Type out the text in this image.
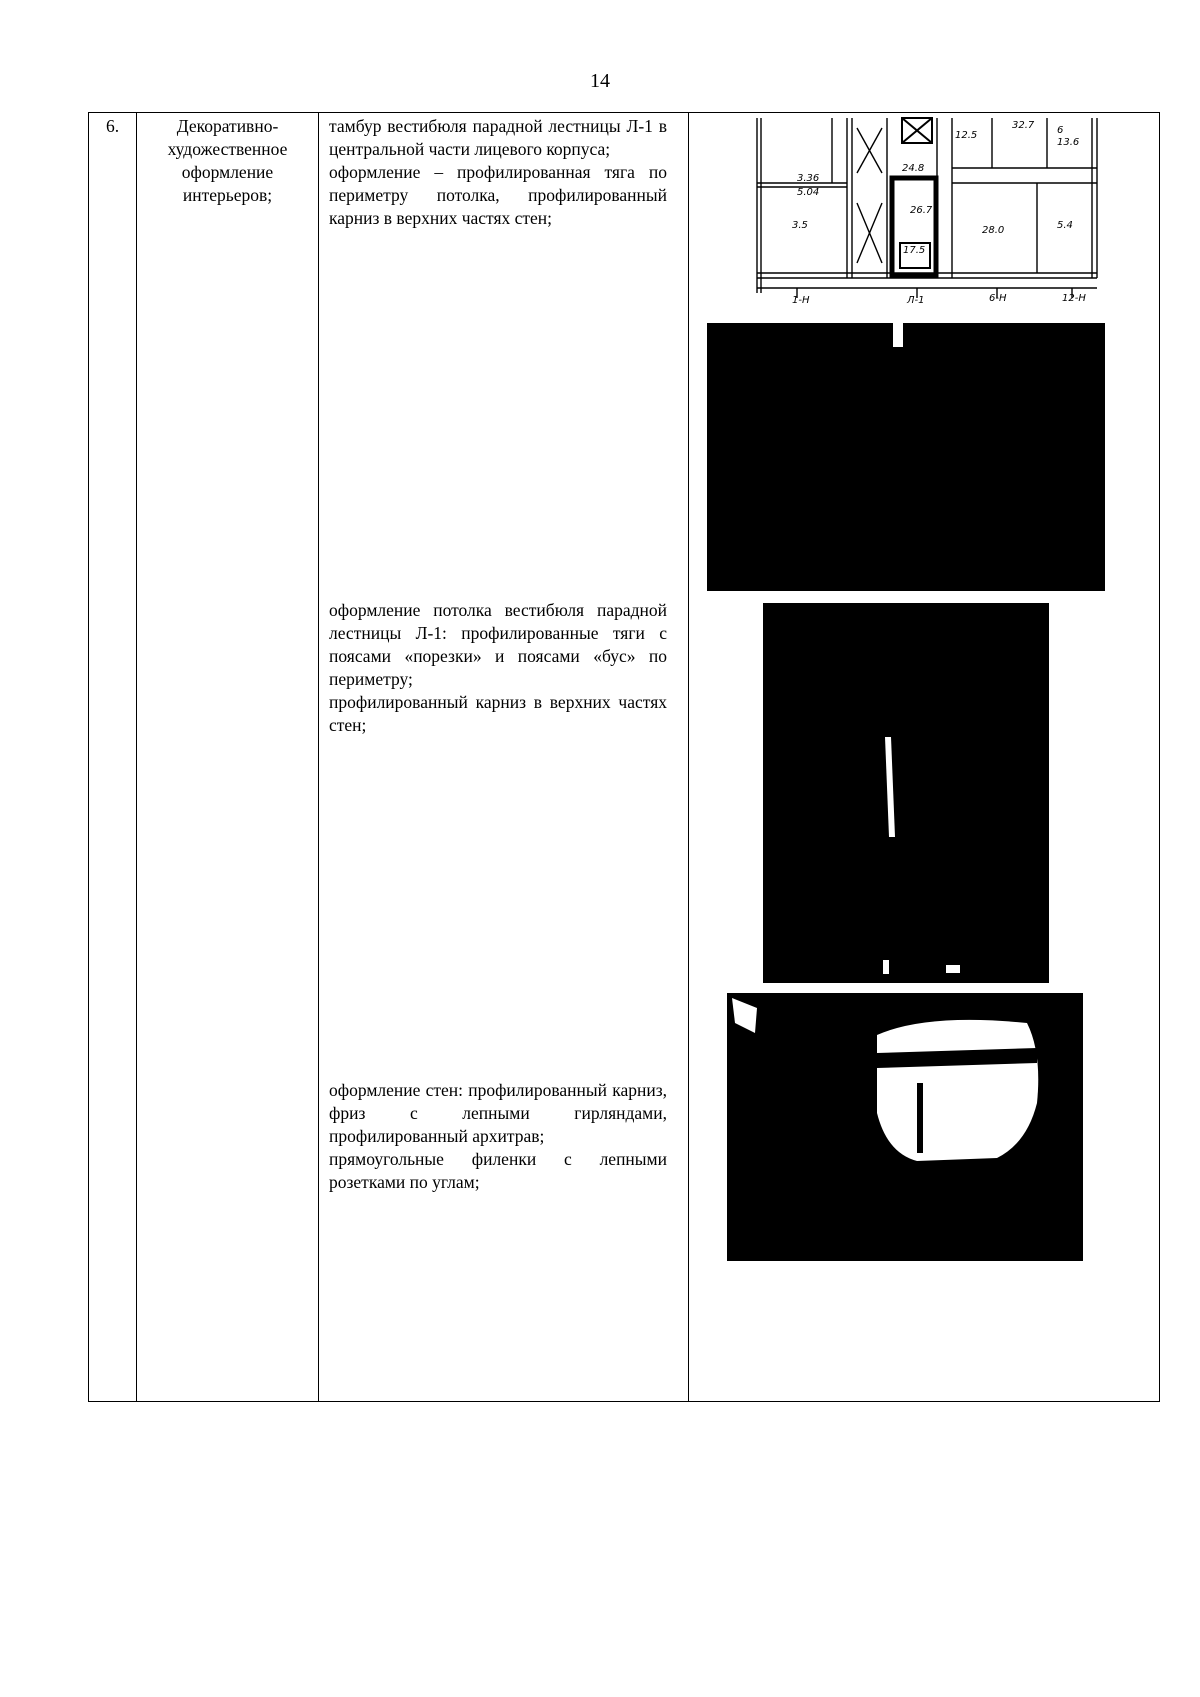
14
6.	Декоративно-художественное оформление интерьеров;

тамбур вестибюля парадной лестницы Л-1 в центральной части лицевого корпуса;
оформление – профилированная тяга по периметру потолка, профилированный карниз в верхних частях стен;
оформление потолка вестибюля парадной лестницы Л-1: профилированные тяги с поясами «порезки» и поясами «бус» по периметру;
профилированный карниз в верхних частях стен;
оформление стен: профилированный карниз, фриз с лепными гирляндами, профилированный архитрав;
прямоугольные филенки с лепными розетками по углам;

3.36
5.04
3.5
24.8
26.7
17.5
12.5
32.7 6
13.6
28.0	5.4
Л-1
1-Н	6-Н	12-Н
